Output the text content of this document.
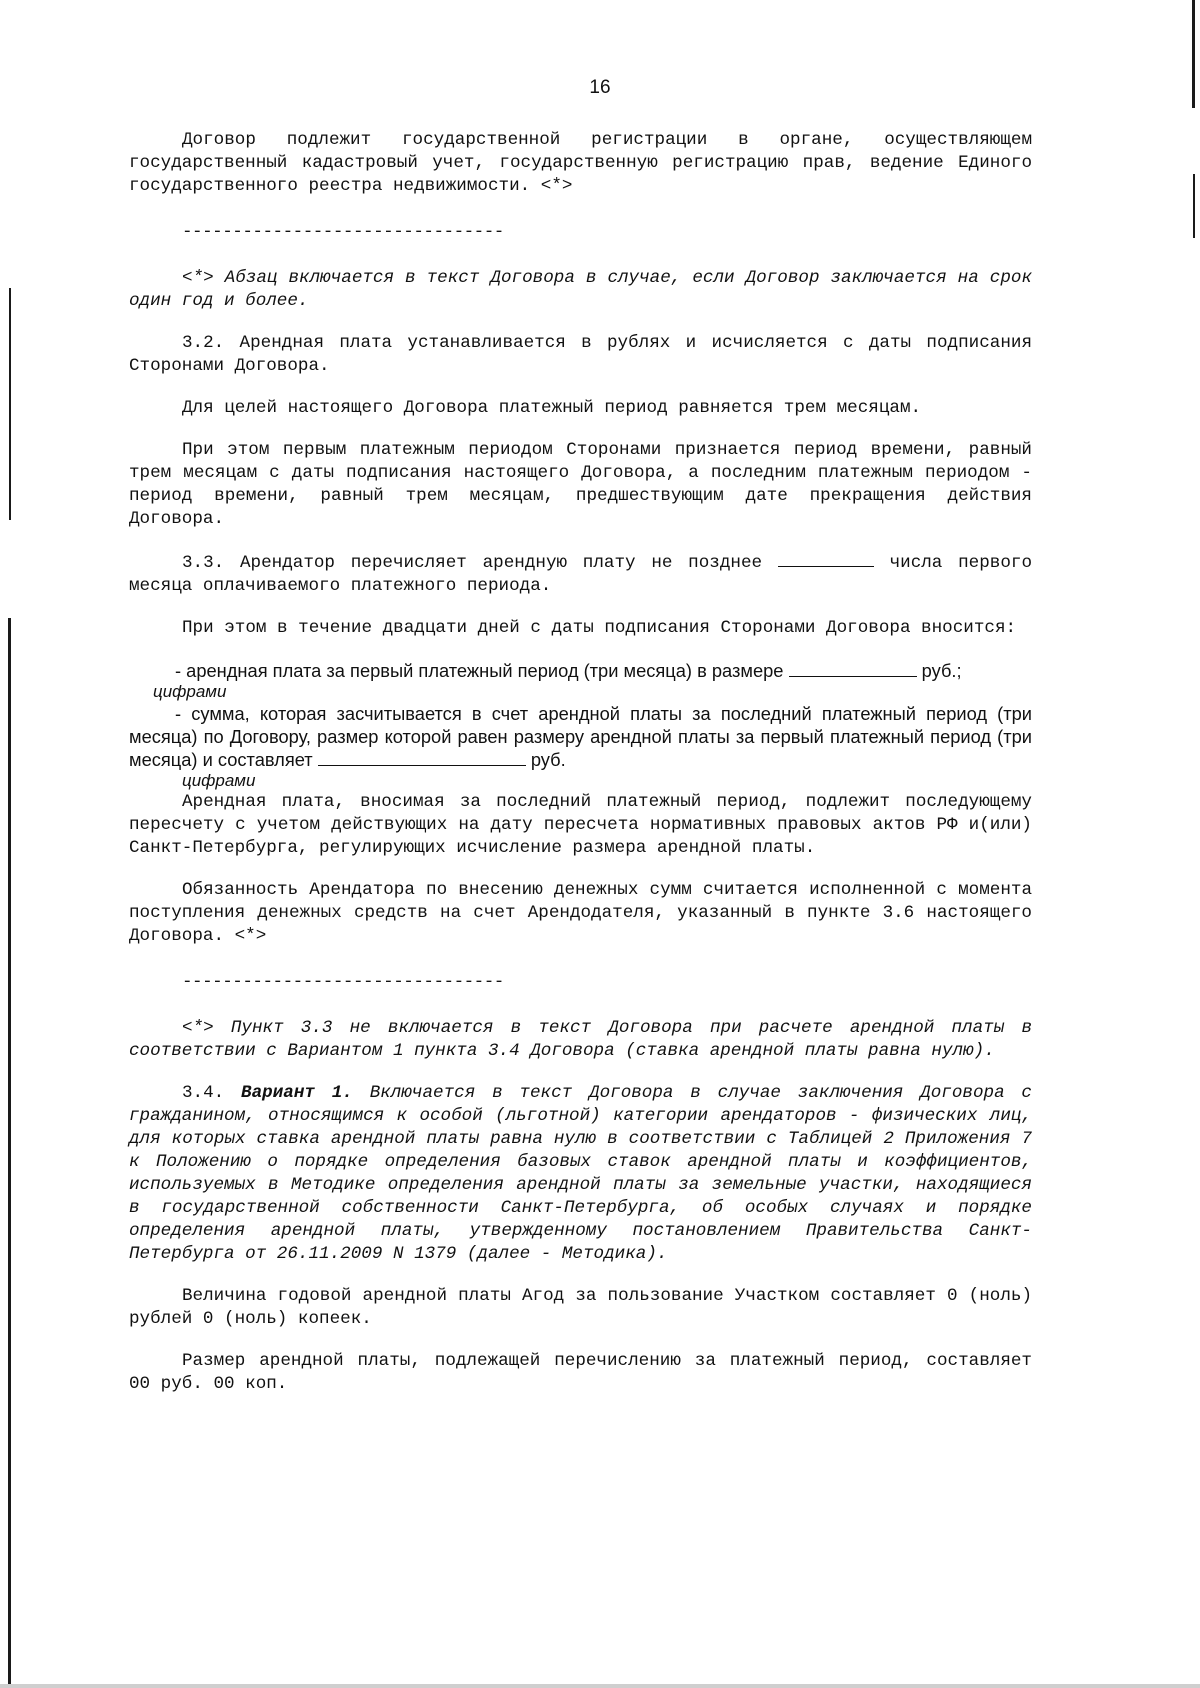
16

Договор подлежит государственной регистрации в органе, осуществляющем государственный кадастровый учет, государственную регистрацию прав, ведение Единого государственного реестра недвижимости. <*>

--------------------------------

<*> Абзац включается в текст Договора в случае, если Договор заключается на срок один год и более.

3.2. Арендная плата устанавливается в рублях и исчисляется с даты подписания Сторонами Договора.

Для целей настоящего Договора платежный период равняется трем месяцам.

При этом первым платежным периодом Сторонами признается период времени, равный трем месяцам с даты подписания настоящего Договора, а последним платежным периодом - период времени, равный трем месяцам, предшествующим дате прекращения действия Договора.

3.3. Арендатор перечисляет арендную плату не позднее	числа первого месяца оплачиваемого платежного периода.

При этом в течение двадцати дней с даты подписания Сторонами Договора вносится:

- арендная плата за первый платежный период (три месяца) в размере	руб.;

цифрами

- сумма, которая засчитывается в счет арендной платы за последний платежный период (три месяца) по Договору, размер которой равен размеру арендной платы за первый платежный период (три месяца) и составляет	руб.

цифрами

Арендная плата, вносимая за последний платежный период, подлежит последующему пересчету с учетом действующих на дату пересчета нормативных правовых актов РФ и(или) Санкт-Петербурга, регулирующих исчисление размера арендной платы.

Обязанность Арендатора по внесению денежных сумм считается исполненной с момента поступления денежных средств на счет Арендодателя, указанный в пункте 3.6 настоящего Договора. <*>

--------------------------------

<*> Пункт 3.3 не включается в текст Договора при расчете арендной платы в соответствии с Вариантом 1 пункта 3.4 Договора (ставка арендной платы равна нулю).

3.4. Вариант 1. Включается в текст Договора в случае заключения Договора с гражданином, относящимся к особой (льготной) категории арендаторов - физических лиц, для которых ставка арендной платы равна нулю в соответствии с Таблицей 2 Приложения 7 к Положению о порядке определения базовых ставок арендной платы и коэффициентов, используемых в Методике определения арендной платы за земельные участки, находящиеся в государственной собственности Санкт-Петербурга, об особых случаях и порядке определения арендной платы, утвержденному постановлением Правительства Санкт-Петербурга от 26.11.2009 N 1379 (далее - Методика).

Величина годовой арендной платы Агод за пользование Участком составляет 0 (ноль) рублей 0 (ноль) копеек.

Размер арендной платы, подлежащей перечислению за платежный период, составляет 00 руб. 00 коп.
